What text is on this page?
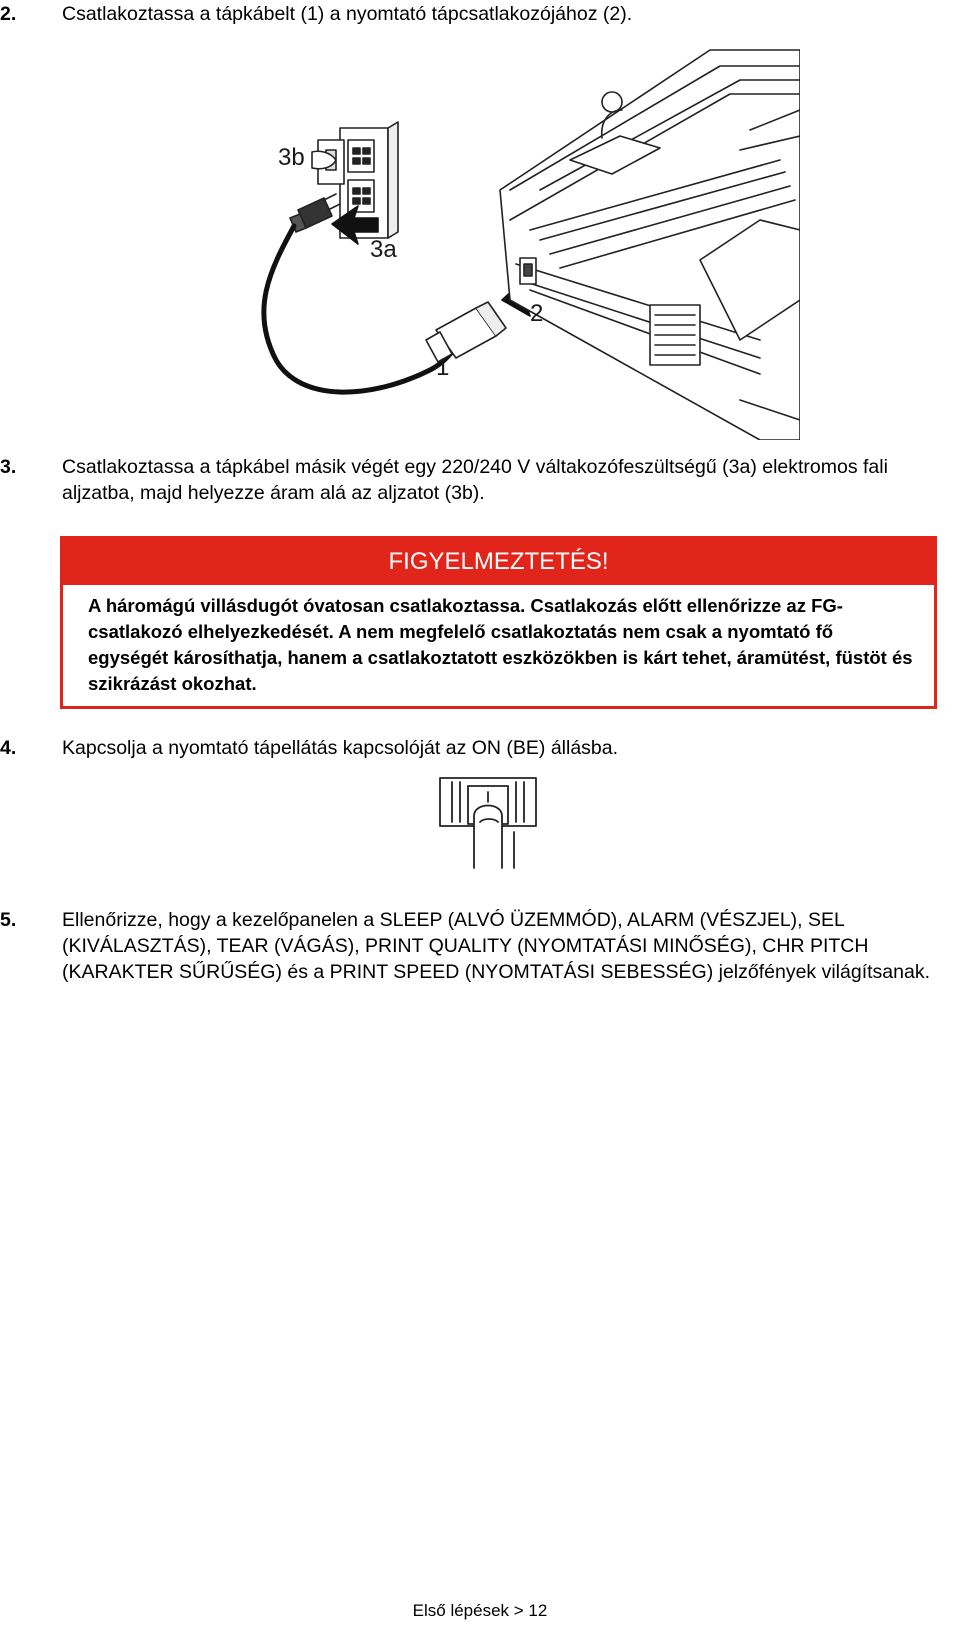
2. Csatlakoztassa a tápkábelt (1) a nyomtató tápcsatlakozójához (2).
3b
3a
2
1
3. Csatlakoztassa a tápkábel másik végét egy 220/240 V váltakozófeszültségű (3a) elektromos fali aljzatba, majd helyezze áram alá az aljzatot (3b).
FIGYELMEZTETÉS!
A háromágú villásdugót óvatosan csatlakoztassa. Csatlakozás előtt ellenőrizze az FG-csatlakozó elhelyezkedését. A nem megfelelő csatlakoztatás nem csak a nyomtató fő egységét károsíthatja, hanem a csatlakoztatott eszközökben is kárt tehet, áramütést, füstöt és szikrázást okozhat.
4. Kapcsolja a nyomtató tápellátás kapcsolóját az ON (BE) állásba.
5. Ellenőrizze, hogy a kezelőpanelen a SLEEP (ALVÓ ÜZEMMÓD), ALARM (VÉSZJEL), SEL (KIVÁLASZTÁS), TEAR (VÁGÁS), PRINT QUALITY (NYOMTATÁSI MINŐSÉG), CHR PITCH (KARAKTER SŰRŰSÉG) és a PRINT SPEED (NYOMTATÁSI SEBESSÉG) jelzőfények világítsanak.
Első lépések > 12
